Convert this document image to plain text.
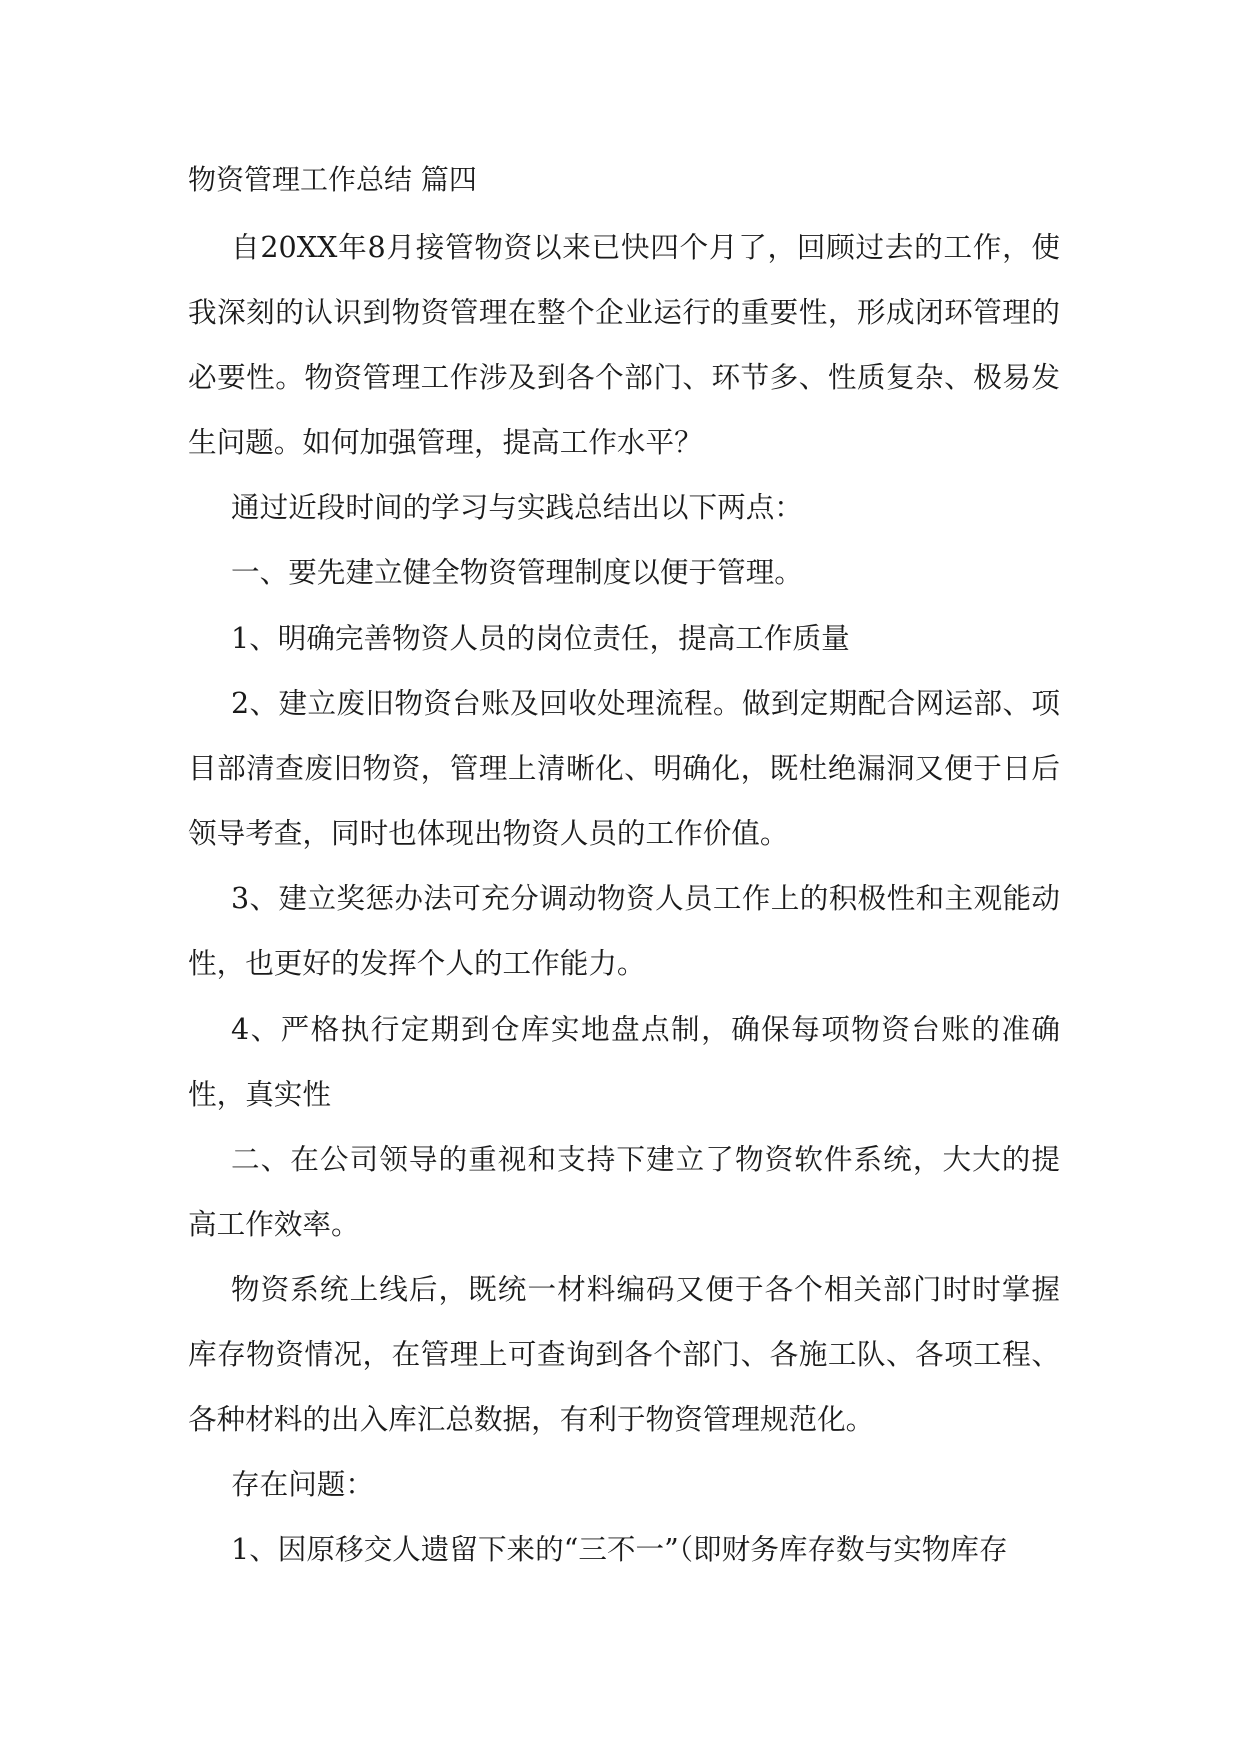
物资管理工作总结 篇四

自20XX年8月接管物资以来已快四个月了，回顾过去的工作，使我深刻的认识到物资管理在整个企业运行的重要性，形成闭环管理的必要性。物资管理工作涉及到各个部门、环节多、性质复杂、极易发生问题。如何加强管理，提高工作水平？

通过近段时间的学习与实践总结出以下两点：

一、要先建立健全物资管理制度以便于管理。

1、明确完善物资人员的岗位责任，提高工作质量

2、建立废旧物资台账及回收处理流程。做到定期配合网运部、项目部清查废旧物资，管理上清晰化、明确化，既杜绝漏洞又便于日后领导考查，同时也体现出物资人员的工作价值。

3、建立奖惩办法可充分调动物资人员工作上的积极性和主观能动性，也更好的发挥个人的工作能力。

4、严格执行定期到仓库实地盘点制，确保每项物资台账的准确性，真实性

二、在公司领导的重视和支持下建立了物资软件系统，大大的提高工作效率。

物资系统上线后，既统一材料编码又便于各个相关部门时时掌握库存物资情况，在管理上可查询到各个部门、各施工队、各项工程、各种材料的出入库汇总数据，有利于物资管理规范化。

存在问题：

1、因原移交人遗留下来的“三不一”（即财务库存数与实物库存
